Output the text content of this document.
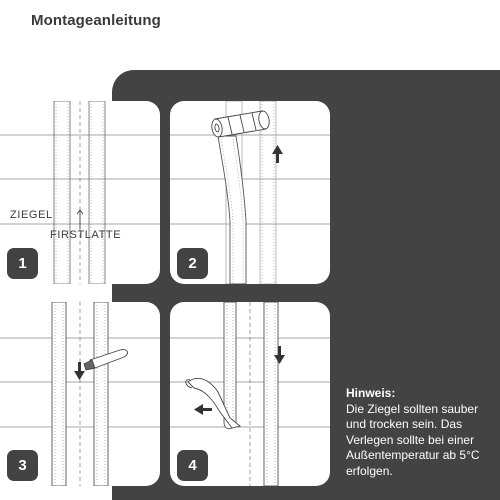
Montageanleitung
ZIEGEL
FIRSTLATTE
1	2
3	4
Hinweis:
Die Ziegel sollten sauber und trocken sein. Das Verlegen sollte bei einer Außentemperatur ab 5°C erfolgen.
